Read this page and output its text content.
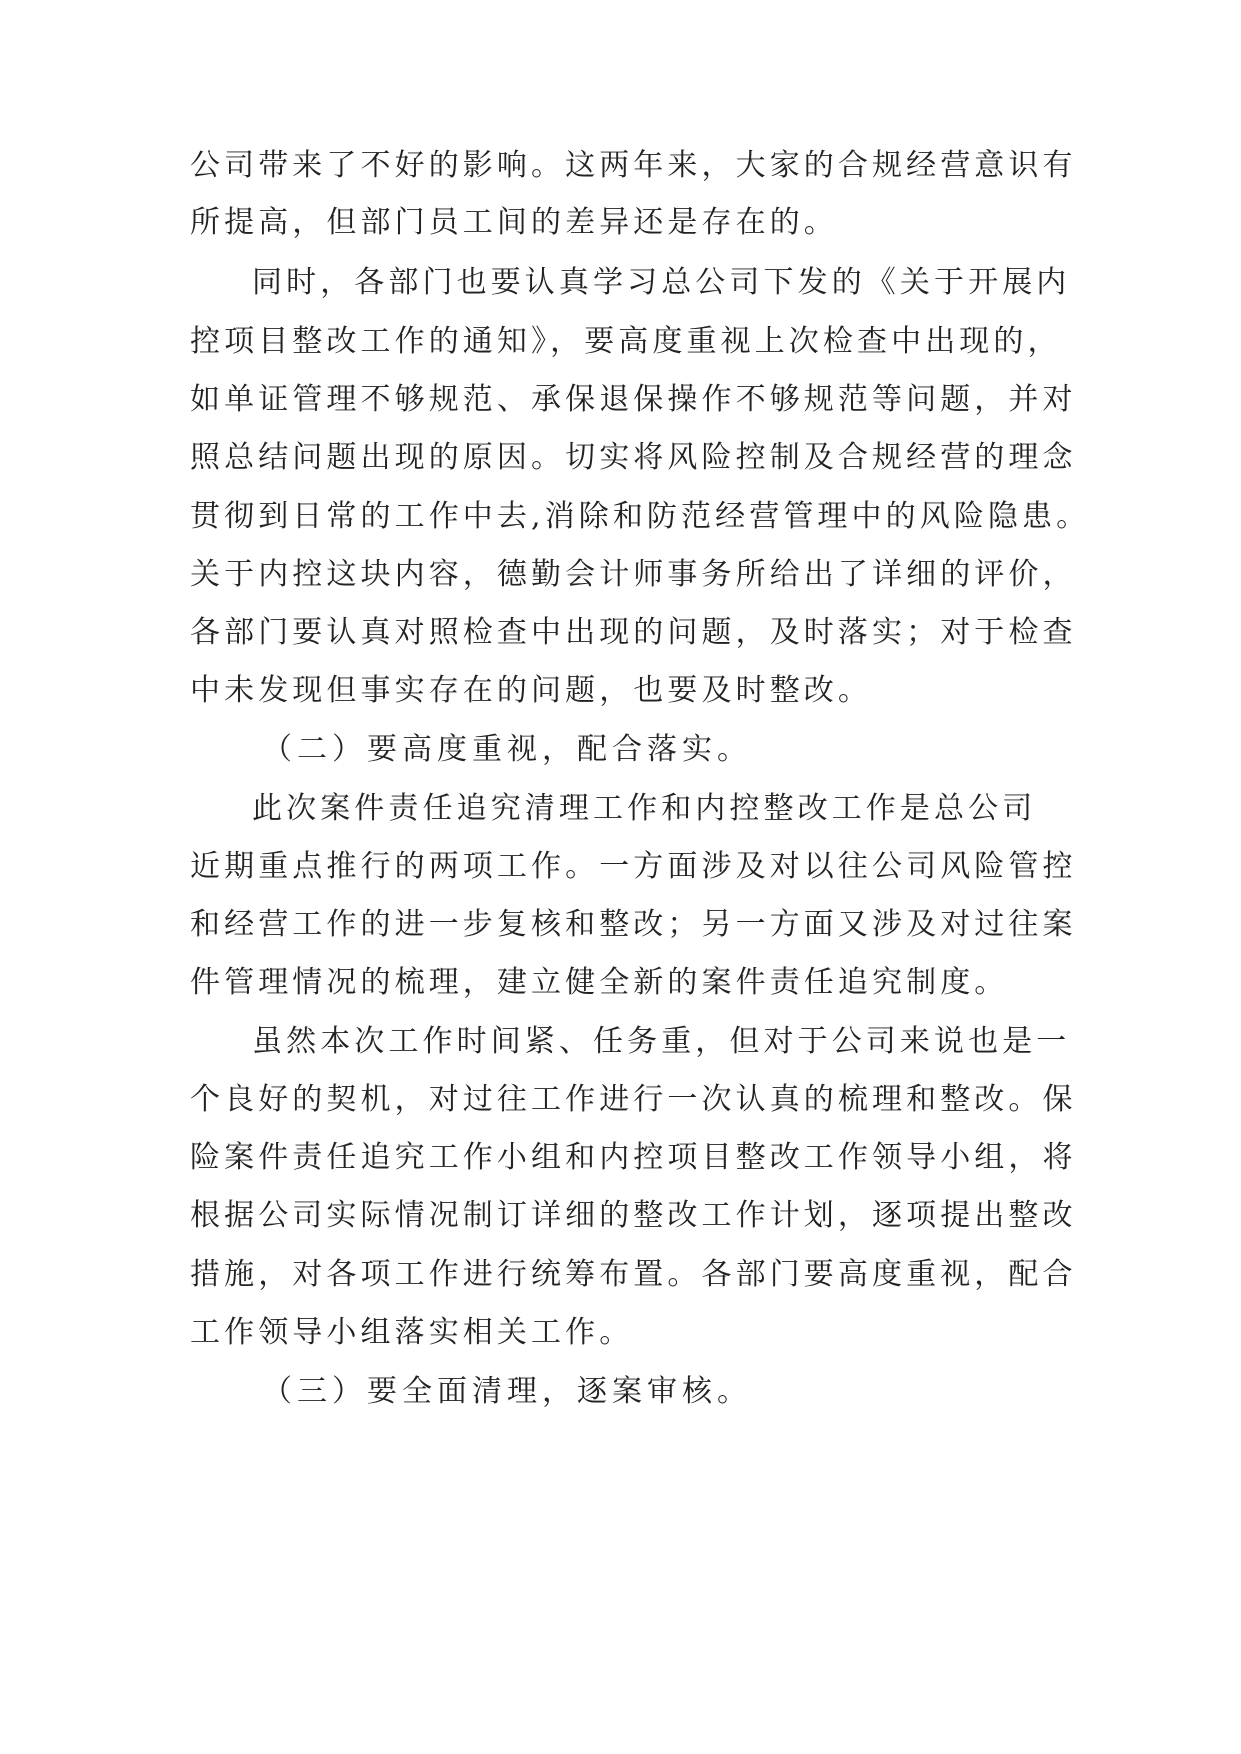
公司带来了不好的影响。这两年来，大家的合规经营意识有
所提高，但部门员工间的差异还是存在的。
同时，各部门也要认真学习总公司下发的《关于开展内
控项目整改工作的通知》，要高度重视上次检查中出现的，
如单证管理不够规范、承保退保操作不够规范等问题，并对
照总结问题出现的原因。切实将风险控制及合规经营的理念
贯彻到日常的工作中去,消除和防范经营管理中的风险隐患。
关于内控这块内容，德勤会计师事务所给出了详细的评价，
各部门要认真对照检查中出现的问题，及时落实；对于检查
中未发现但事实存在的问题，也要及时整改。
（二）要高度重视，配合落实。
此次案件责任追究清理工作和内控整改工作是总公司
近期重点推行的两项工作。一方面涉及对以往公司风险管控
和经营工作的进一步复核和整改；另一方面又涉及对过往案
件管理情况的梳理，建立健全新的案件责任追究制度。
虽然本次工作时间紧、任务重，但对于公司来说也是一
个良好的契机，对过往工作进行一次认真的梳理和整改。保
险案件责任追究工作小组和内控项目整改工作领导小组，将
根据公司实际情况制订详细的整改工作计划，逐项提出整改
措施，对各项工作进行统筹布置。各部门要高度重视，配合
工作领导小组落实相关工作。
（三）要全面清理，逐案审核。
